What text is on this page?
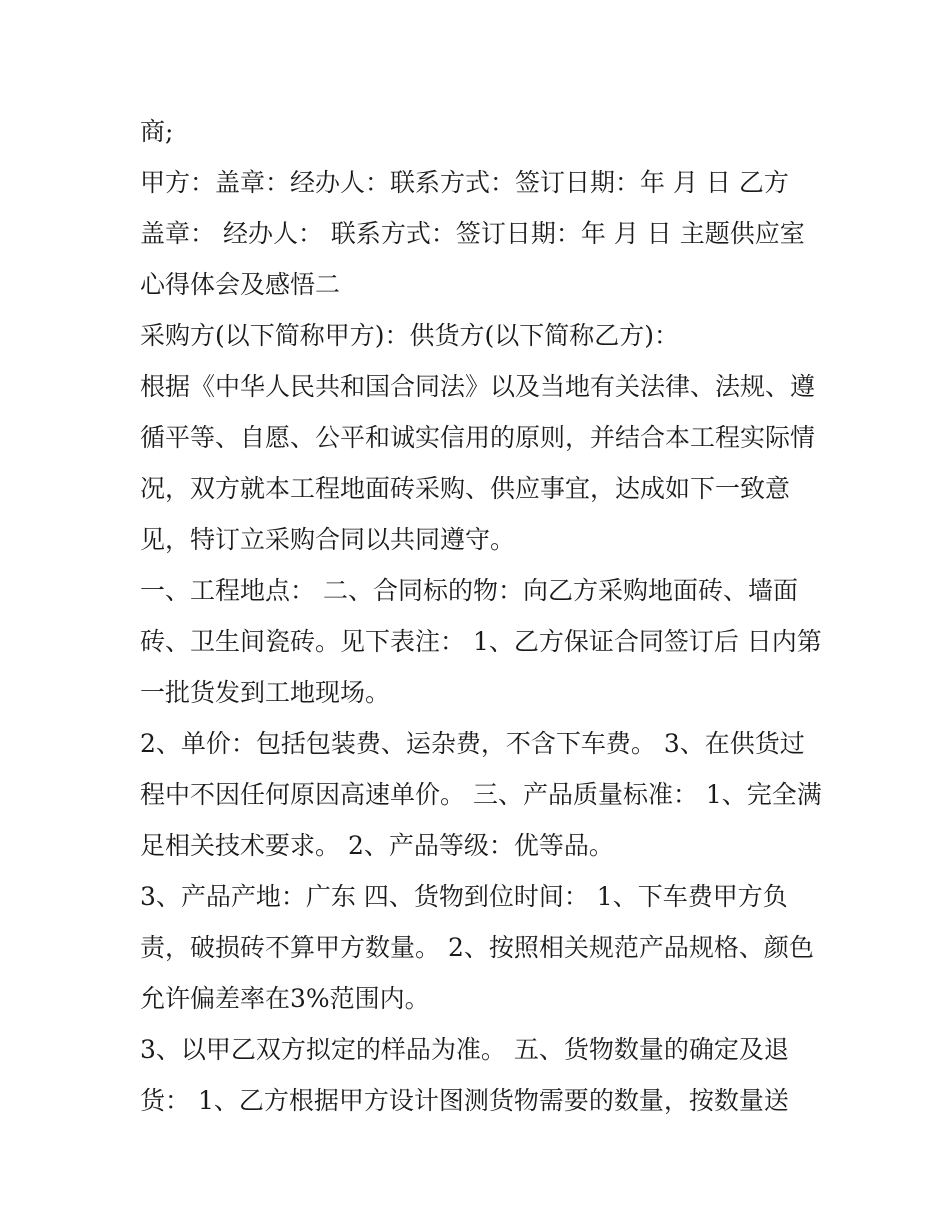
商;
甲方：盖章：经办人：联系方式：签订日期：年 月 日 乙方
盖章： 经办人： 联系方式：签订日期：年 月 日 主题供应室
心得体会及感悟二
采购方(以下简称甲方)：供货方(以下简称乙方)：
根据《中华人民共和国合同法》以及当地有关法律、法规、遵
循平等、自愿、公平和诚实信用的原则，并结合本工程实际情
况，双方就本工程地面砖采购、供应事宜，达成如下一致意
见，特订立采购合同以共同遵守。
一、工程地点： 二、合同标的物：向乙方采购地面砖、墙面
砖、卫生间瓷砖。见下表注： 1、乙方保证合同签订后 日内第
一批货发到工地现场。
2、单价：包括包装费、运杂费，不含下车费。 3、在供货过
程中不因任何原因高速单价。 三、产品质量标准： 1、完全满
足相关技术要求。 2、产品等级：优等品。
3、产品产地：广东 四、货物到位时间： 1、下车费甲方负
责，破损砖不算甲方数量。 2、按照相关规范产品规格、颜色
允许偏差率在3%范围内。
3、以甲乙双方拟定的样品为准。 五、货物数量的确定及退
货： 1、乙方根据甲方设计图测货物需要的数量，按数量送
